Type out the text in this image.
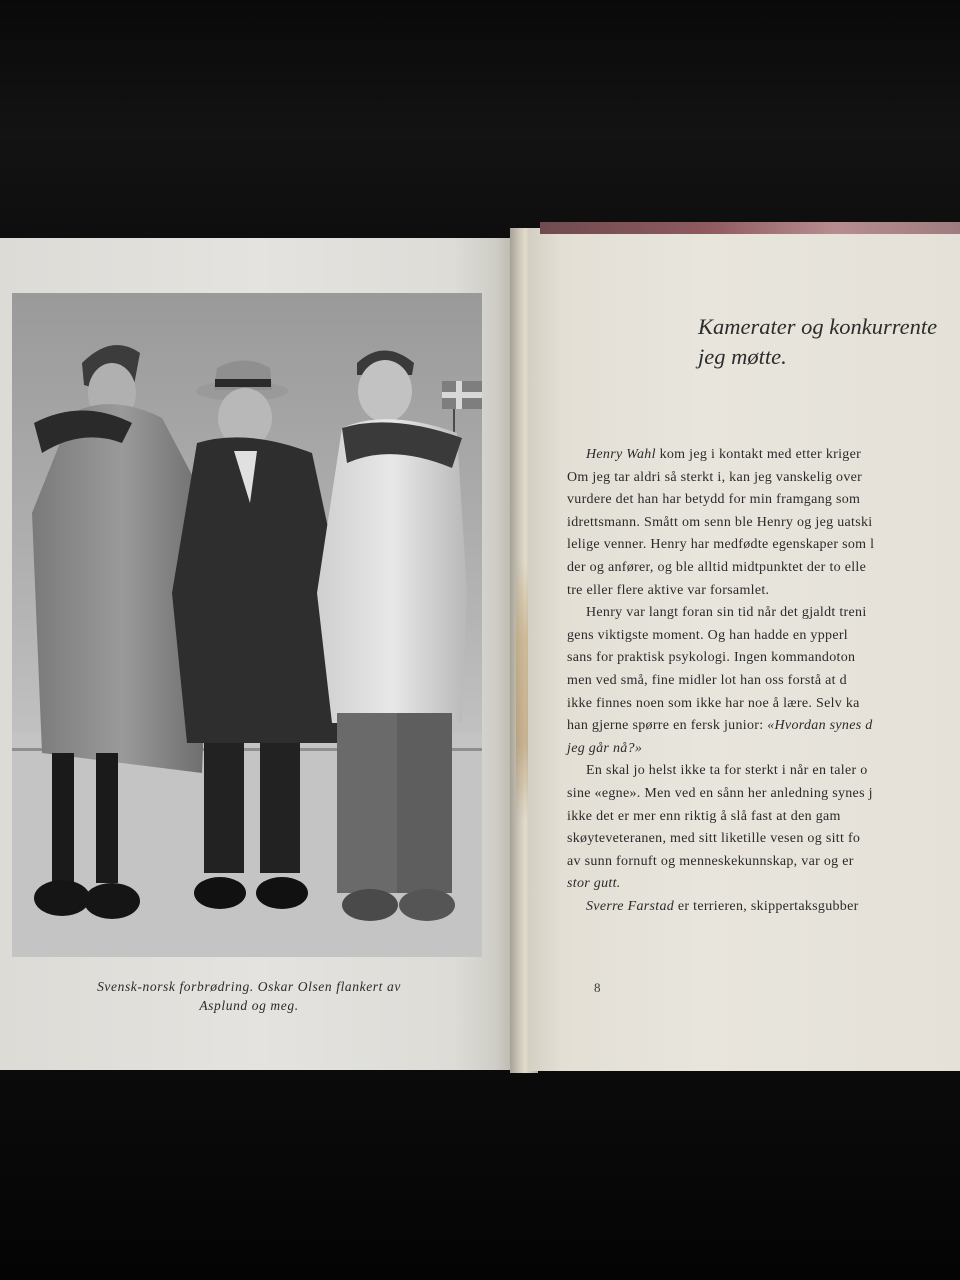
Svensk-norsk forbrødring. Oskar Olsen flankert av
Asplund og meg.
Kamerater og konkurrente
jeg møtte.
Henry Wahl kom jeg i kontakt med etter kriger
Om jeg tar aldri så sterkt i, kan jeg vanskelig over
vurdere det han har betydd for min framgang som
idrettsmann. Smått om senn ble Henry og jeg uatski
lelige venner. Henry har medfødte egenskaper som l
der og anfører, og ble alltid midtpunktet der to elle
tre eller flere aktive var forsamlet.
Henry var langt foran sin tid når det gjaldt treni
gens viktigste moment. Og han hadde en ypperl
sans for praktisk psykologi. Ingen kommandoton
men ved små, fine midler lot han oss forstå at d
ikke finnes noen som ikke har noe å lære. Selv ka
han gjerne spørre en fersk junior: «Hvordan synes d
jeg går nå?»
En skal jo helst ikke ta for sterkt i når en taler o
sine «egne». Men ved en sånn her anledning synes j
ikke det er mer enn riktig å slå fast at den gam
skøyteveteranen, med sitt liketille vesen og sitt fo
av sunn fornuft og menneskekunnskap, var og er
stor gutt.
Sverre Farstad er terrieren, skippertaksgubber
8
